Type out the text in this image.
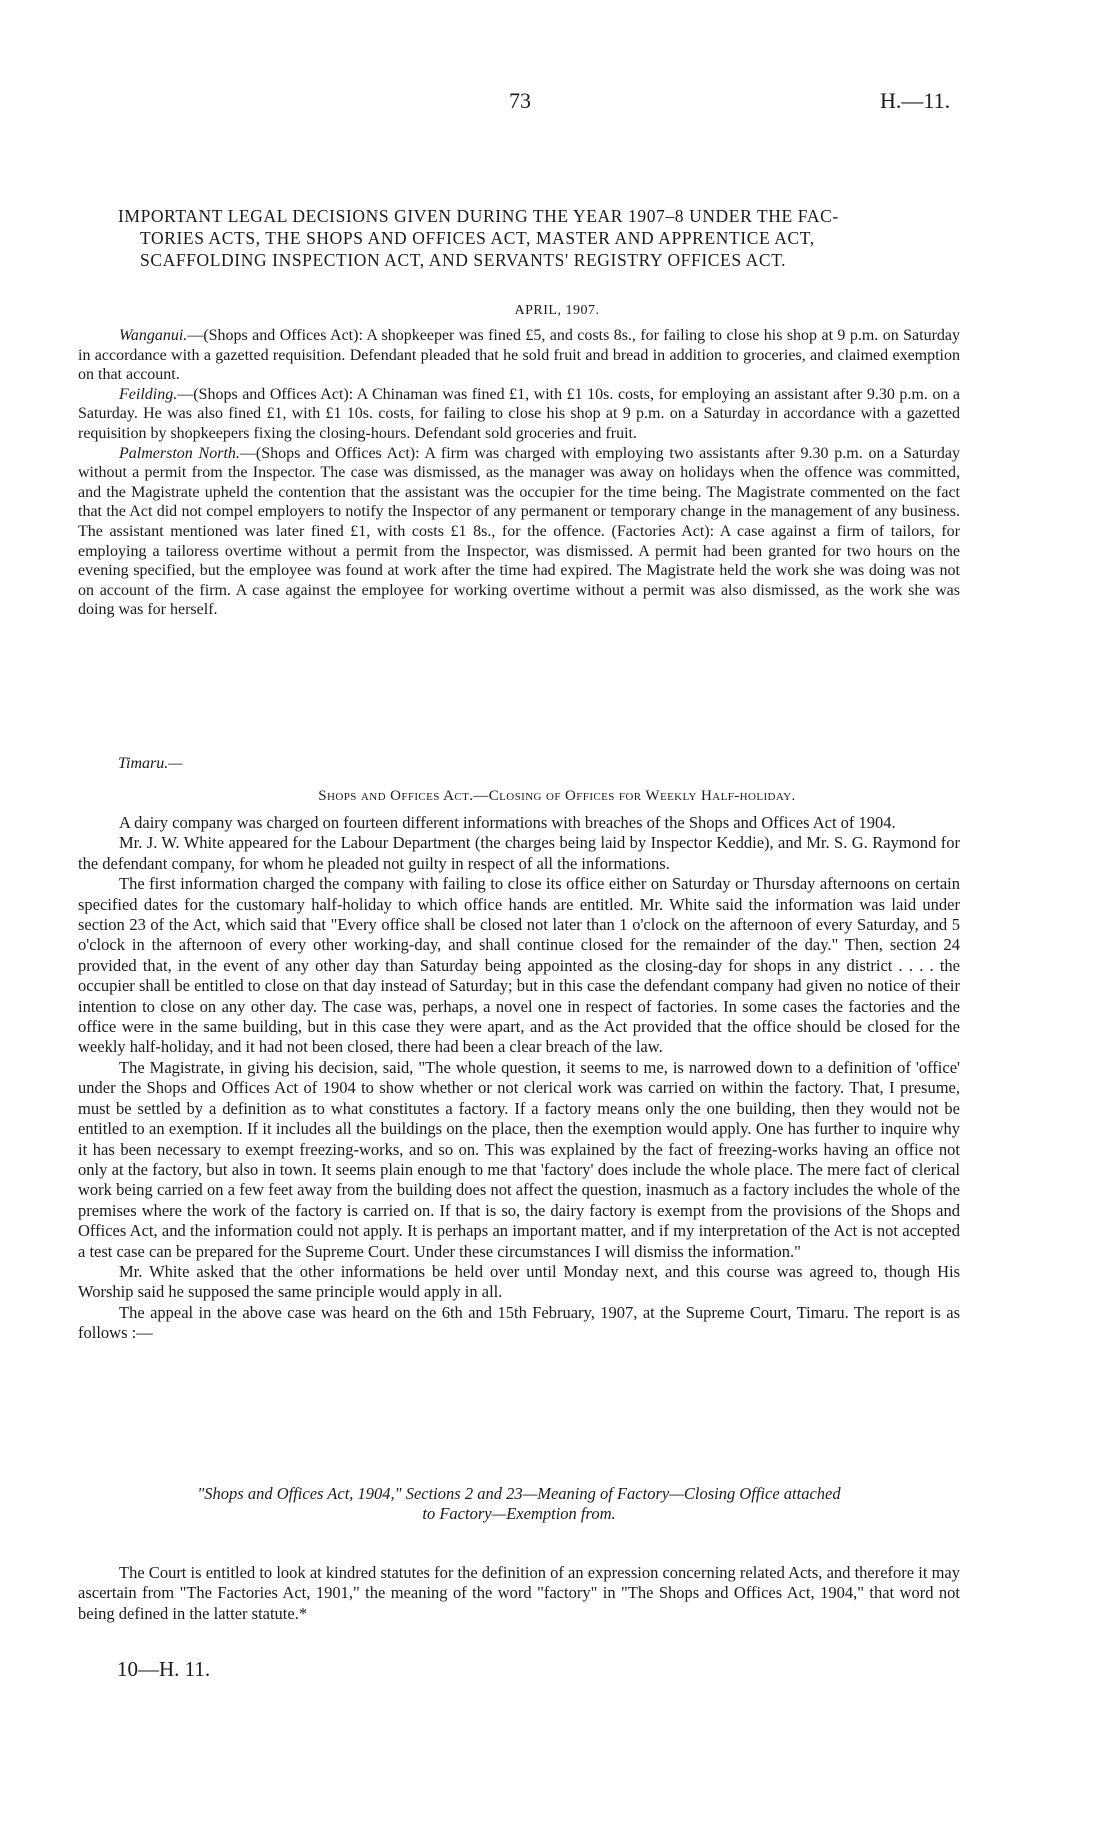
73	H.—11.
IMPORTANT LEGAL DECISIONS GIVEN DURING THE YEAR 1907–8 UNDER THE FAC-
TORIES ACTS, THE SHOPS AND OFFICES ACT, MASTER AND APPRENTICE ACT,
SCAFFOLDING INSPECTION ACT, AND SERVANTS' REGISTRY OFFICES ACT.
APRIL, 1907.

Wanganui.—(Shops and Offices Act): A shopkeeper was fined £5, and costs 8s., for failing to close his shop at 9 p.m. on Saturday in accordance with a gazetted requisition. Defendant pleaded that he sold fruit and bread in addition to groceries, and claimed exemption on that account.

Feilding.—(Shops and Offices Act): A Chinaman was fined £1, with £1 10s. costs, for employing an assistant after 9.30 p.m. on a Saturday. He was also fined £1, with £1 10s. costs, for failing to close his shop at 9 p.m. on a Saturday in accordance with a gazetted requisition by shopkeepers fixing the closing-hours. Defendant sold groceries and fruit.

Palmerston North.—(Shops and Offices Act): A firm was charged with employing two assistants after 9.30 p.m. on a Saturday without a permit from the Inspector. The case was dismissed, as the manager was away on holidays when the offence was committed, and the Magistrate upheld the contention that the assistant was the occupier for the time being. The Magistrate commented on the fact that the Act did not compel employers to notify the Inspector of any permanent or temporary change in the management of any business. The assistant mentioned was later fined £1, with costs £1 8s., for the offence. (Factories Act): A case against a firm of tailors, for employing a tailoress overtime without a permit from the Inspector, was dismissed. A permit had been granted for two hours on the evening specified, but the employee was found at work after the time had expired. The Magistrate held the work she was doing was not on account of the firm. A case against the employee for working overtime without a permit was also dismissed, as the work she was doing was for herself.

Timaru.—
Shops and Offices Act.—Closing of Offices for Weekly Half-holiday.

A dairy company was charged on fourteen different informations with breaches of the Shops and Offices Act of 1904.

Mr. J. W. White appeared for the Labour Department (the charges being laid by Inspector Keddie), and Mr. S. G. Raymond for the defendant company, for whom he pleaded not guilty in respect of all the informations.

The first information charged the company with failing to close its office either on Saturday or Thursday afternoons on certain specified dates for the customary half-holiday to which office hands are entitled. Mr. White said the information was laid under section 23 of the Act, which said that "Every office shall be closed not later than 1 o'clock on the afternoon of every Saturday, and 5 o'clock in the afternoon of every other working-day, and shall continue closed for the remainder of the day." Then, section 24 provided that, in the event of any other day than Saturday being appointed as the closing-day for shops in any district . . . . the occupier shall be entitled to close on that day instead of Saturday; but in this case the defendant company had given no notice of their intention to close on any other day. The case was, perhaps, a novel one in respect of factories. In some cases the factories and the office were in the same building, but in this case they were apart, and as the Act provided that the office should be closed for the weekly half-holiday, and it had not been closed, there had been a clear breach of the law.

The Magistrate, in giving his decision, said, "The whole question, it seems to me, is narrowed down to a definition of 'office' under the Shops and Offices Act of 1904 to show whether or not clerical work was carried on within the factory. That, I presume, must be settled by a definition as to what constitutes a factory. If a factory means only the one building, then they would not be entitled to an exemption. If it includes all the buildings on the place, then the exemption would apply. One has further to inquire why it has been necessary to exempt freezing-works, and so on. This was explained by the fact of freezing-works having an office not only at the factory, but also in town. It seems plain enough to me that 'factory' does include the whole place. The mere fact of clerical work being carried on a few feet away from the building does not affect the question, inasmuch as a factory includes the whole of the premises where the work of the factory is carried on. If that is so, the dairy factory is exempt from the provisions of the Shops and Offices Act, and the information could not apply. It is perhaps an important matter, and if my interpretation of the Act is not accepted a test case can be prepared for the Supreme Court. Under these circumstances I will dismiss the information."

Mr. White asked that the other informations be held over until Monday next, and this course was agreed to, though His Worship said he supposed the same principle would apply in all.

The appeal in the above case was heard on the 6th and 15th February, 1907, at the Supreme Court, Timaru. The report is as follows :—

"Shops and Offices Act, 1904," Sections 2 and 23—Meaning of Factory—Closing Office attached
to Factory—Exemption from.

The Court is entitled to look at kindred statutes for the definition of an expression concerning related Acts, and therefore it may ascertain from "The Factories Act, 1901," the meaning of the word "factory" in "The Shops and Offices Act, 1904," that word not being defined in the latter statute.*

10—H. 11.
